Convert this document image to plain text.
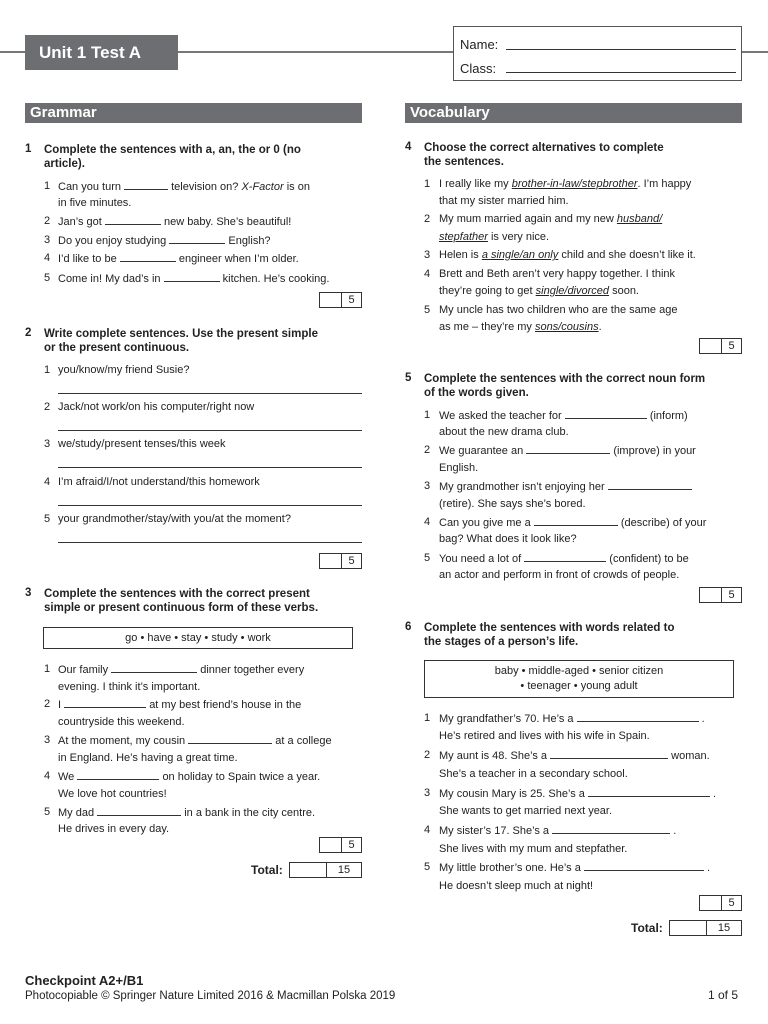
Unit 1 Test A	Name:
Class:
Grammar	Vocabulary
1 Complete the sentences with a, an, the or 0 (no
article).
1 Can you turn	television on? X-Factor is on
in five minutes.
2 Jan’s got	new baby. She’s beautiful!
3 Do you enjoy studying	English?
4 I’d like to be	engineer when I’m older.
5 Come in! My dad’s in	kitchen. He’s cooking.
5
2 Write complete sentences. Use the present simple
or the present continuous.
1 you/know/my friend Susie?
2 Jack/not work/on his computer/right now
3 we/study/present tenses/this week
4 I’m afraid/I/not understand/this homework
5 your grandmother/stay/with you/at the moment?
5
3 Complete the sentences with the correct present
simple or present continuous form of these verbs.
go • have • stay • study • work
1 Our family	dinner together every
evening. I think it’s important.
2 I	at my best friend’s house in the
countryside this weekend.
3 At the moment, my cousin	at a college
in England. He’s having a great time.
4 We	on holiday to Spain twice a year.
We love hot countries!
5 My dad	in a bank in the city centre.
He drives in every day.
5
Total:	15
4 Choose the correct alternatives to complete
the sentences.
1 I really like my brother-in-law/stepbrother. I’m happy
that my sister married him.
2 My mum married again and my new husband/
stepfather is very nice.
3 Helen is a single/an only child and she doesn’t like it.
4 Brett and Beth aren’t very happy together. I think
they’re going to get single/divorced soon.
5 My uncle has two children who are the same age
as me – they’re my sons/cousins.
5
5 Complete the sentences with the correct noun form
of the words given.
1 We asked the teacher for	(inform)
about the new drama club.
2 We guarantee an	(improve) in your
English.
3 My grandmother isn’t enjoying her
(retire). She says she’s bored.
4 Can you give me a	(describe) of your
bag? What does it look like?
5 You need a lot of	(confident) to be
an actor and perform in front of crowds of people.
5
6 Complete the sentences with words related to
the stages of a person’s life.
baby • middle-aged • senior citizen
• teenager • young adult
1 My grandfather’s 70. He’s a	.
He’s retired and lives with his wife in Spain.
2 My aunt is 48. She’s a	woman.
She’s a teacher in a secondary school.
3 My cousin Mary is 25. She’s a	.
She wants to get married next year.
4 My sister’s 17. She’s a	.
She lives with my mum and stepfather.
5 My little brother’s one. He’s a	.
He doesn’t sleep much at night!
5
Total:	15
Checkpoint A2+/B1
Photocopiable © Springer Nature Limited 2016 & Macmillan Polska 2019	1 of 5
